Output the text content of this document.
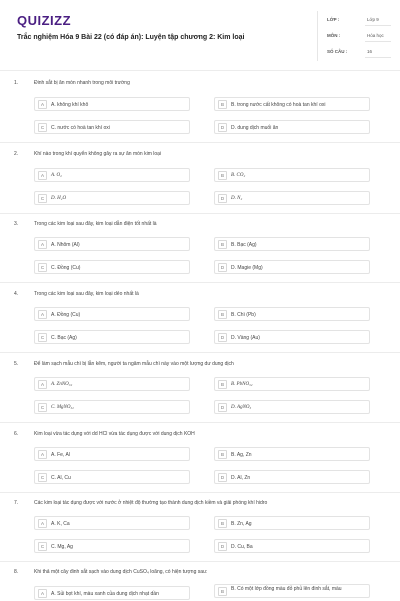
QUIZIZZ
Trắc nghiệm Hóa 9 Bài 22 (có đáp án): Luyện tập chương 2: Kim loại
LỚP :	Lớp 9
MÔN :	Hóa học
SỐ CÂU :	16
1.	Đinh sắt bị ăn mòn nhanh trong môi trường
A	A. không khí khô	B	B. trong nước cất không có hoà tan khí oxi
C	C. nước có hoà tan khí oxi	D	D. dung dịch muối ăn
2.	Khí nào trong khí quyển không gây ra sự ăn mòn kim loại
A	A. O₂	B	B. CO₂
C	D. H₂O	D	D. N₂
3.	Trong các kim loại sau đây, kim loại dẫn điện tốt nhất là
A	A. Nhôm (Al)	B	B. Bạc (Ag)
C	C. Đồng (Cu)	D	D. Magie (Mg)
4.	Trong các kim loại sau đây, kim loại dẻo nhất là
A	A. Đồng (Cu)	B	B. Chì (Pb)
C	C. Bạc (Ag)	D	D. Vàng (Au)
5.	Để làm sạch mẫu chì bị lẫn kẽm, người ta ngâm mẫu chì này vào một lượng dư dung dịch
A	A. ZnNO₃₂	B	B. PbNO₃₂
C	C. MgNO₃₂	D	D. AgNO₃
6.	Kim loại vừa tác dụng với dd HCl vừa tác dụng được với dung dịch KOH
A	A. Fe, Al	B	B. Ag, Zn
C	C. Al, Cu	D	D. Al, Zn
7.	Các kim loại tác dụng được với nước ở nhiệt độ thường tạo thành dung dịch kiềm và giải phóng khí hidro
A	A. K, Ca	B	B. Zn, Ag
C	C. Mg, Ag	D	D. Cu, Ba
8.	Khi thả một cây đinh sắt sạch vào dung dịch CuSO₄ loãng, có hiện tượng sau:
A	A. Sủi bọt khí, màu xanh của dung dịch nhạt dần	B	B. Có một lớp đồng màu đỏ phủ lên đinh sắt, màu
